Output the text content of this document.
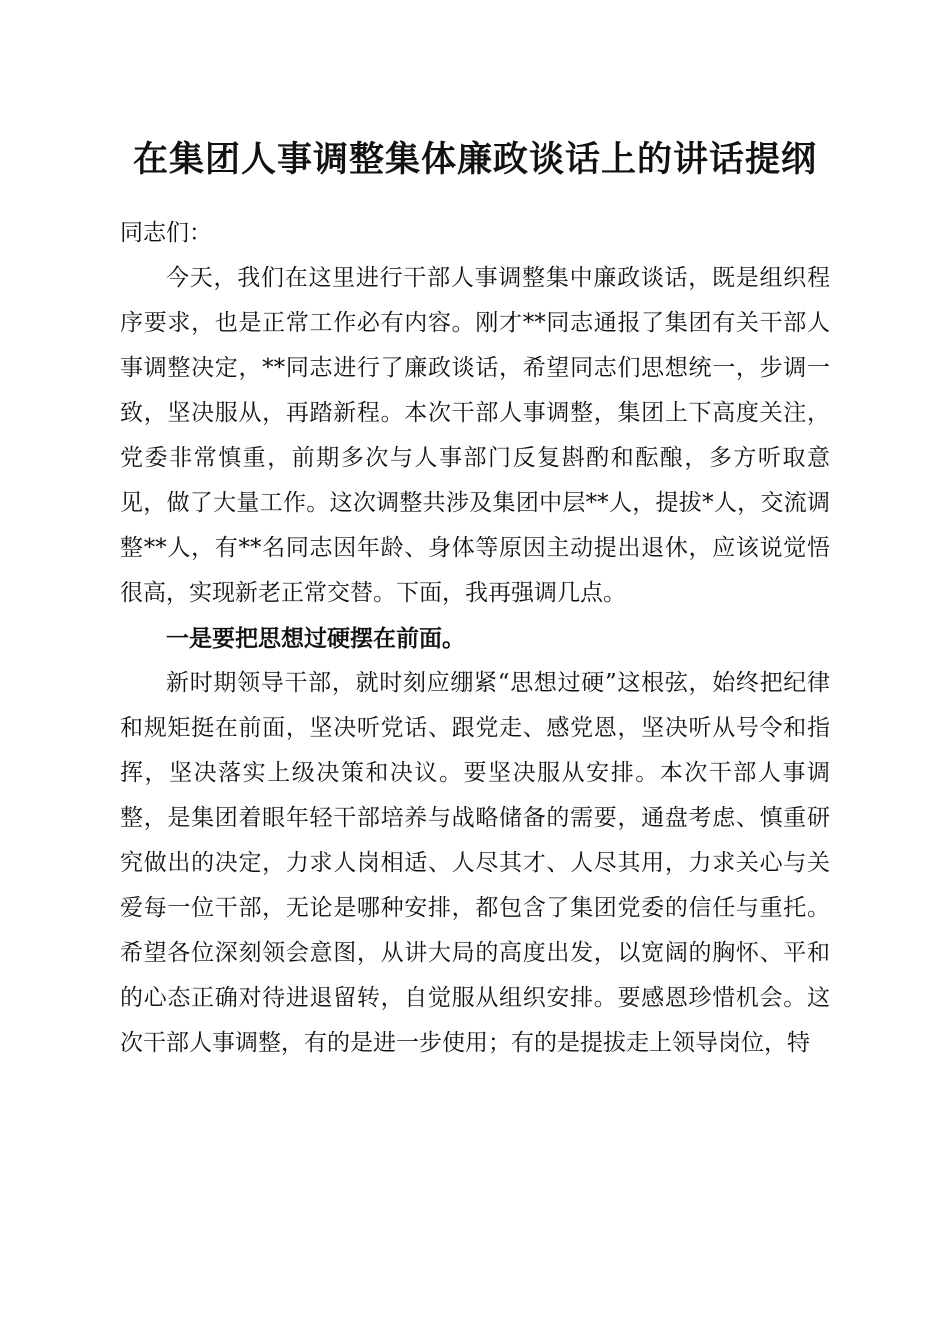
在集团人事调整集体廉政谈话上的讲话提纲

同志们：

今天，我们在这里进行干部人事调整集中廉政谈话，既是组织程序要求，也是正常工作必有内容。刚才**同志通报了集团有关干部人事调整决定，**同志进行了廉政谈话，希望同志们思想统一，步调一致，坚决服从，再踏新程。本次干部人事调整，集团上下高度关注，党委非常慎重，前期多次与人事部门反复斟酌和酝酿，多方听取意见，做了大量工作。这次调整共涉及集团中层**人，提拔*人，交流调整**人，有**名同志因年龄、身体等原因主动提出退休，应该说觉悟很高，实现新老正常交替。下面，我再强调几点。

一是要把思想过硬摆在前面。

新时期领导干部，就时刻应绷紧“思想过硬”这根弦，始终把纪律和规矩挺在前面，坚决听党话、跟党走、感党恩，坚决听从号令和指挥，坚决落实上级决策和决议。要坚决服从安排。本次干部人事调整，是集团着眼年轻干部培养与战略储备的需要，通盘考虑、慎重研究做出的决定，力求人岗相适、人尽其才、人尽其用，力求关心与关爱每一位干部，无论是哪种安排，都包含了集团党委的信任与重托。希望各位深刻领会意图，从讲大局的高度出发，以宽阔的胸怀、平和的心态正确对待进退留转，自觉服从组织安排。要感恩珍惜机会。这次干部人事调整，有的是进一步使用；有的是提拔走上领导岗位，特
